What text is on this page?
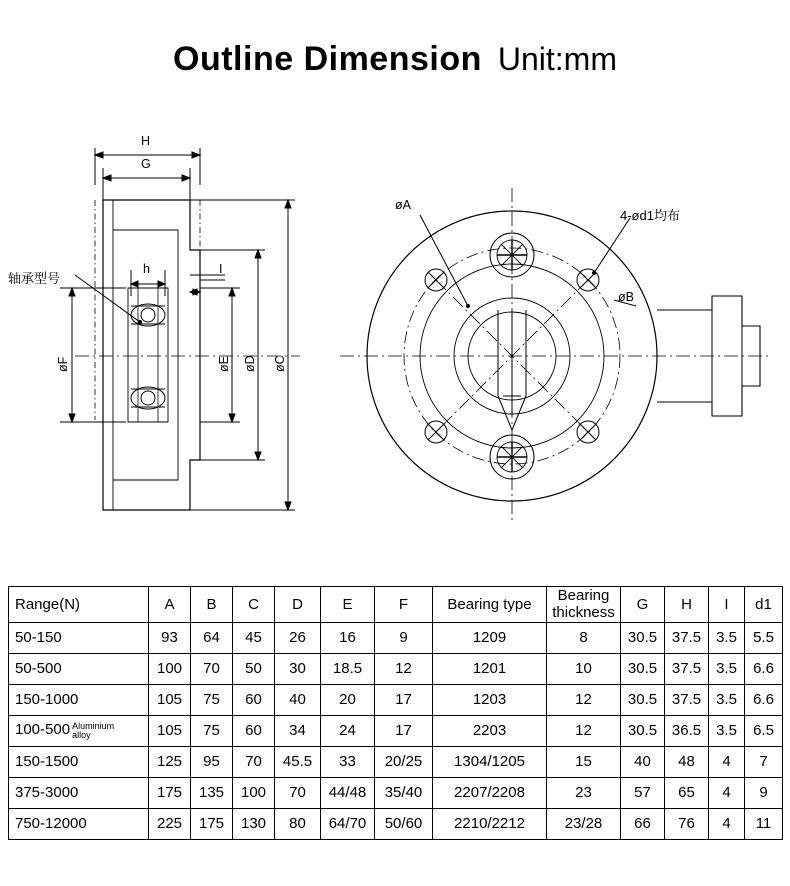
Outline Dimension Unit:mm
H
G
h	I
øF	øE øD øC
øA
øB
轴承型号
4-ød1均布
Range(N)	A	B	C	D	E	F	Bearing type	Bearing
thickness	G	H	I	d1
50-150	93	64	45	26	16	9	1209	8	30.5	37.5	3.5	5.5
50-500	100	70	50	30	18.5	12	1201	10	30.5	37.5	3.5	6.6
150-1000	105	75	60	40	20	17	1203	12	30.5	37.5	3.5	6.6
100-500 Aluminium alloy	105	75	60	34	24	17	2203	12	30.5	36.5	3.5	6.5
150-1500	125	95	70	45.5	33	20/25	1304/1205	15	40	48	4	7
375-3000	175	135	100	70	44/48	35/40	2207/2208	23	57	65	4	9
750-12000	225	175	130	80	64/70	50/60	2210/2212	23/28	66	76	4	11
